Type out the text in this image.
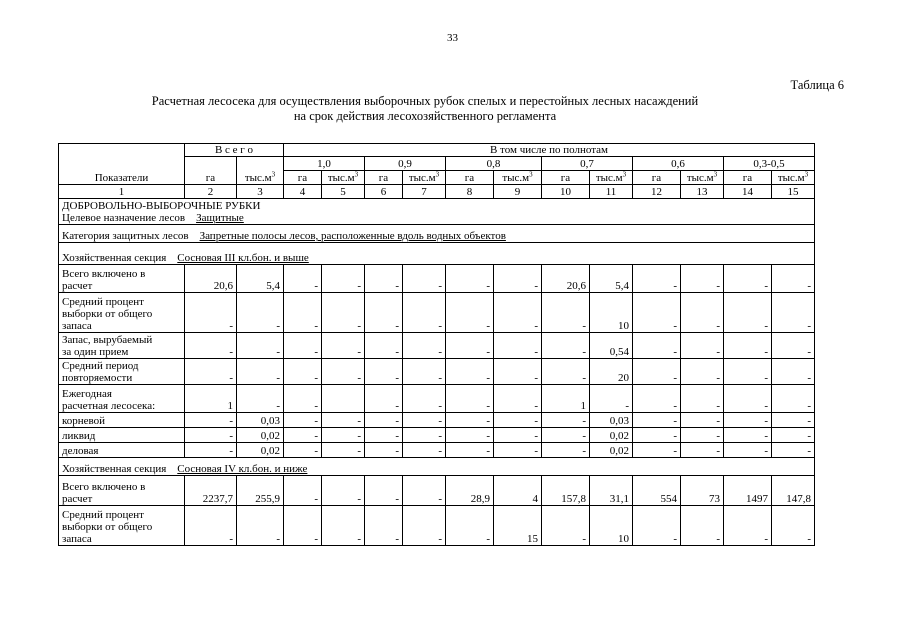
33
Таблица 6
Расчетная лесосека для осуществления выборочных рубок спелых и перестойных лесных насаждений
на срок действия лесохозяйственного регламента
Показатели	В с е г о		В том числе по полнотам											
	га	$тыс.м^3$	1,0		0,9		0,8		0,7		0,6		0,3-0,5	
			га	$тыс.м^3$	га	$тыс.м^3$	га	$тыс.м^3$	га	$тыс.м^3$	га	$тыс.м^3$	га	$тыс.м^3$
1	2	3	4	5	6	7	8	9	10	11	12	13	14	15

ДОБРОВОЛЬНО-ВЫБОРОЧНЫЕ РУБКИ
Целевое назначение лесов Защитные														

Категория защитных лесов Запретные полосы лесов, расположенные вдоль водных объектов														
Хозяйственная секция Сосновая III кл.бон. и выше														

Всего включено в
расчет	20,6	5,4	-	-	-	-	-	-	20,6	5,4	-	-	-	-

Средний процент
выборки от общего
запаса	-	-	-	-	-	-	-	-	-	10	-	-	-	-

Запас, вырубаемый
за один прием	-	-	-	-	-	-	-	-	-	0,54	-	-	-	-

Средний период
повторяемости	-	-	-	-	-	-	-	-	-	20	-	-	-	-

Ежегодная
расчетная лесосека:	1	-	-		-	-	-	-	1	-	-	-	-	-

корневой	-	0,03	-	-	-	-	-	-	-	0,03	-	-	-	-

ликвид	-	0,02	-	-	-	-	-	-	-	0,02	-	-	-	-

деловая	-	0,02	-	-	-	-	-	-	-	0,02	-	-	-	-
Хозяйственная секция Сосновая IV кл.бон. и ниже														

Всего включено в
расчет	2237,7	255,9	-	-	-	-	28,9	4	157,8	31,1	554	73	1497	147,8

Средний процент
выборки от общего
запаса	-	-	-	-	-	-	-	15	-	10	-	-	-	-
